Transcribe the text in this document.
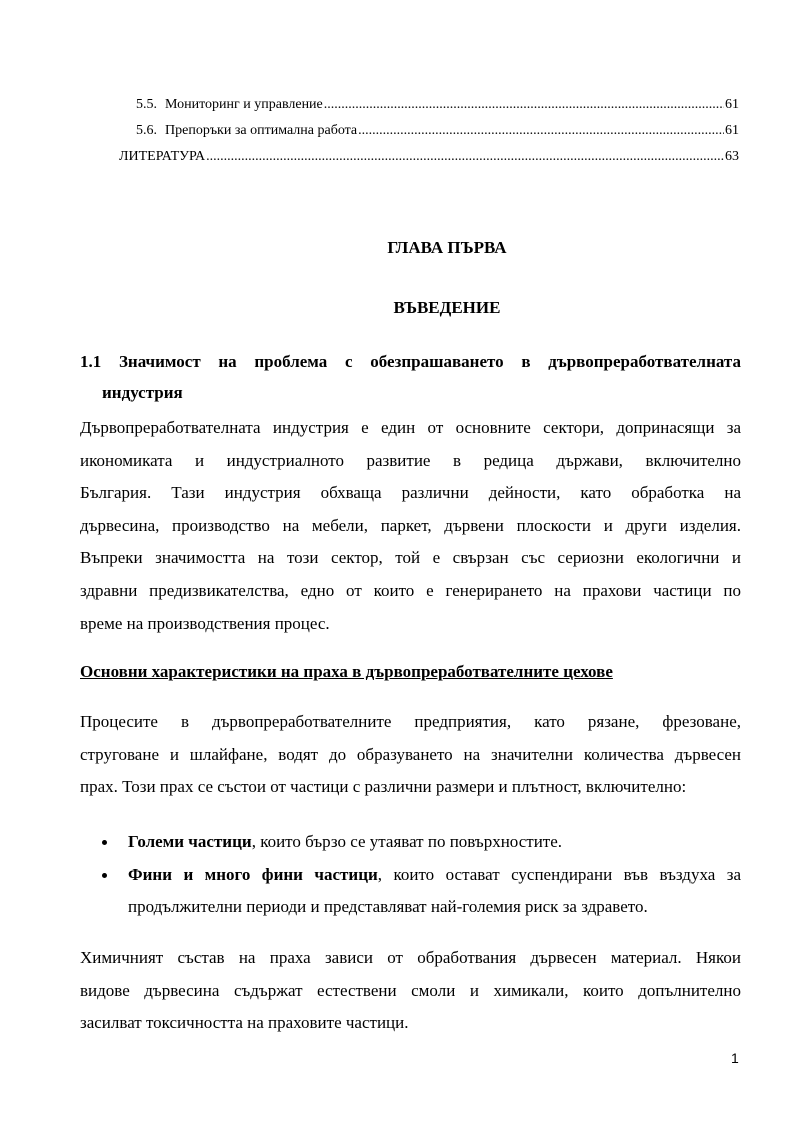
5.5. Мониторинг и управление .....	61
5.6. Препоръки за оптимална работа .....	61
ЛИТЕРАТУРА .....	63
ГЛАВА ПЪРВА
ВЪВЕДЕНИЕ
1.1 Значимост на проблема с обезпрашаването в дървопреработвателната
индустрия
Дървопреработвателната индустрия е един от основните сектори, допринасящи за
икономиката и индустриалното развитие в редица държави, включително
България. Тази индустрия обхваща различни дейности, като обработка на
дървесина, производство на мебели, паркет, дървени плоскости и други изделия.
Въпреки значимостта на този сектор, той е свързан със сериозни екологични и
здравни предизвикателства, едно от които е генерирането на прахови частици по
време на производствения процес.
Основни характеристики на праха в дървопреработвателните цехове
Процесите в дървопреработвателните предприятия, като рязане, фрезоване,
струговане и шлайфане, водят до образуването на значителни количества дървесен
прах. Този прах се състои от частици с различни размери и плътност, включително:
Големи частици, които бързо се утаяват по повърхностите.
Фини и много фини частици, които остават суспендирани във въздуха за
продължителни периоди и представляват най-големия риск за здравето.
Химичният състав на праха зависи от обработвания дървесен материал. Някои
видове дървесина съдържат естествени смоли и химикали, които допълнително
засилват токсичността на праховите частици.
1
